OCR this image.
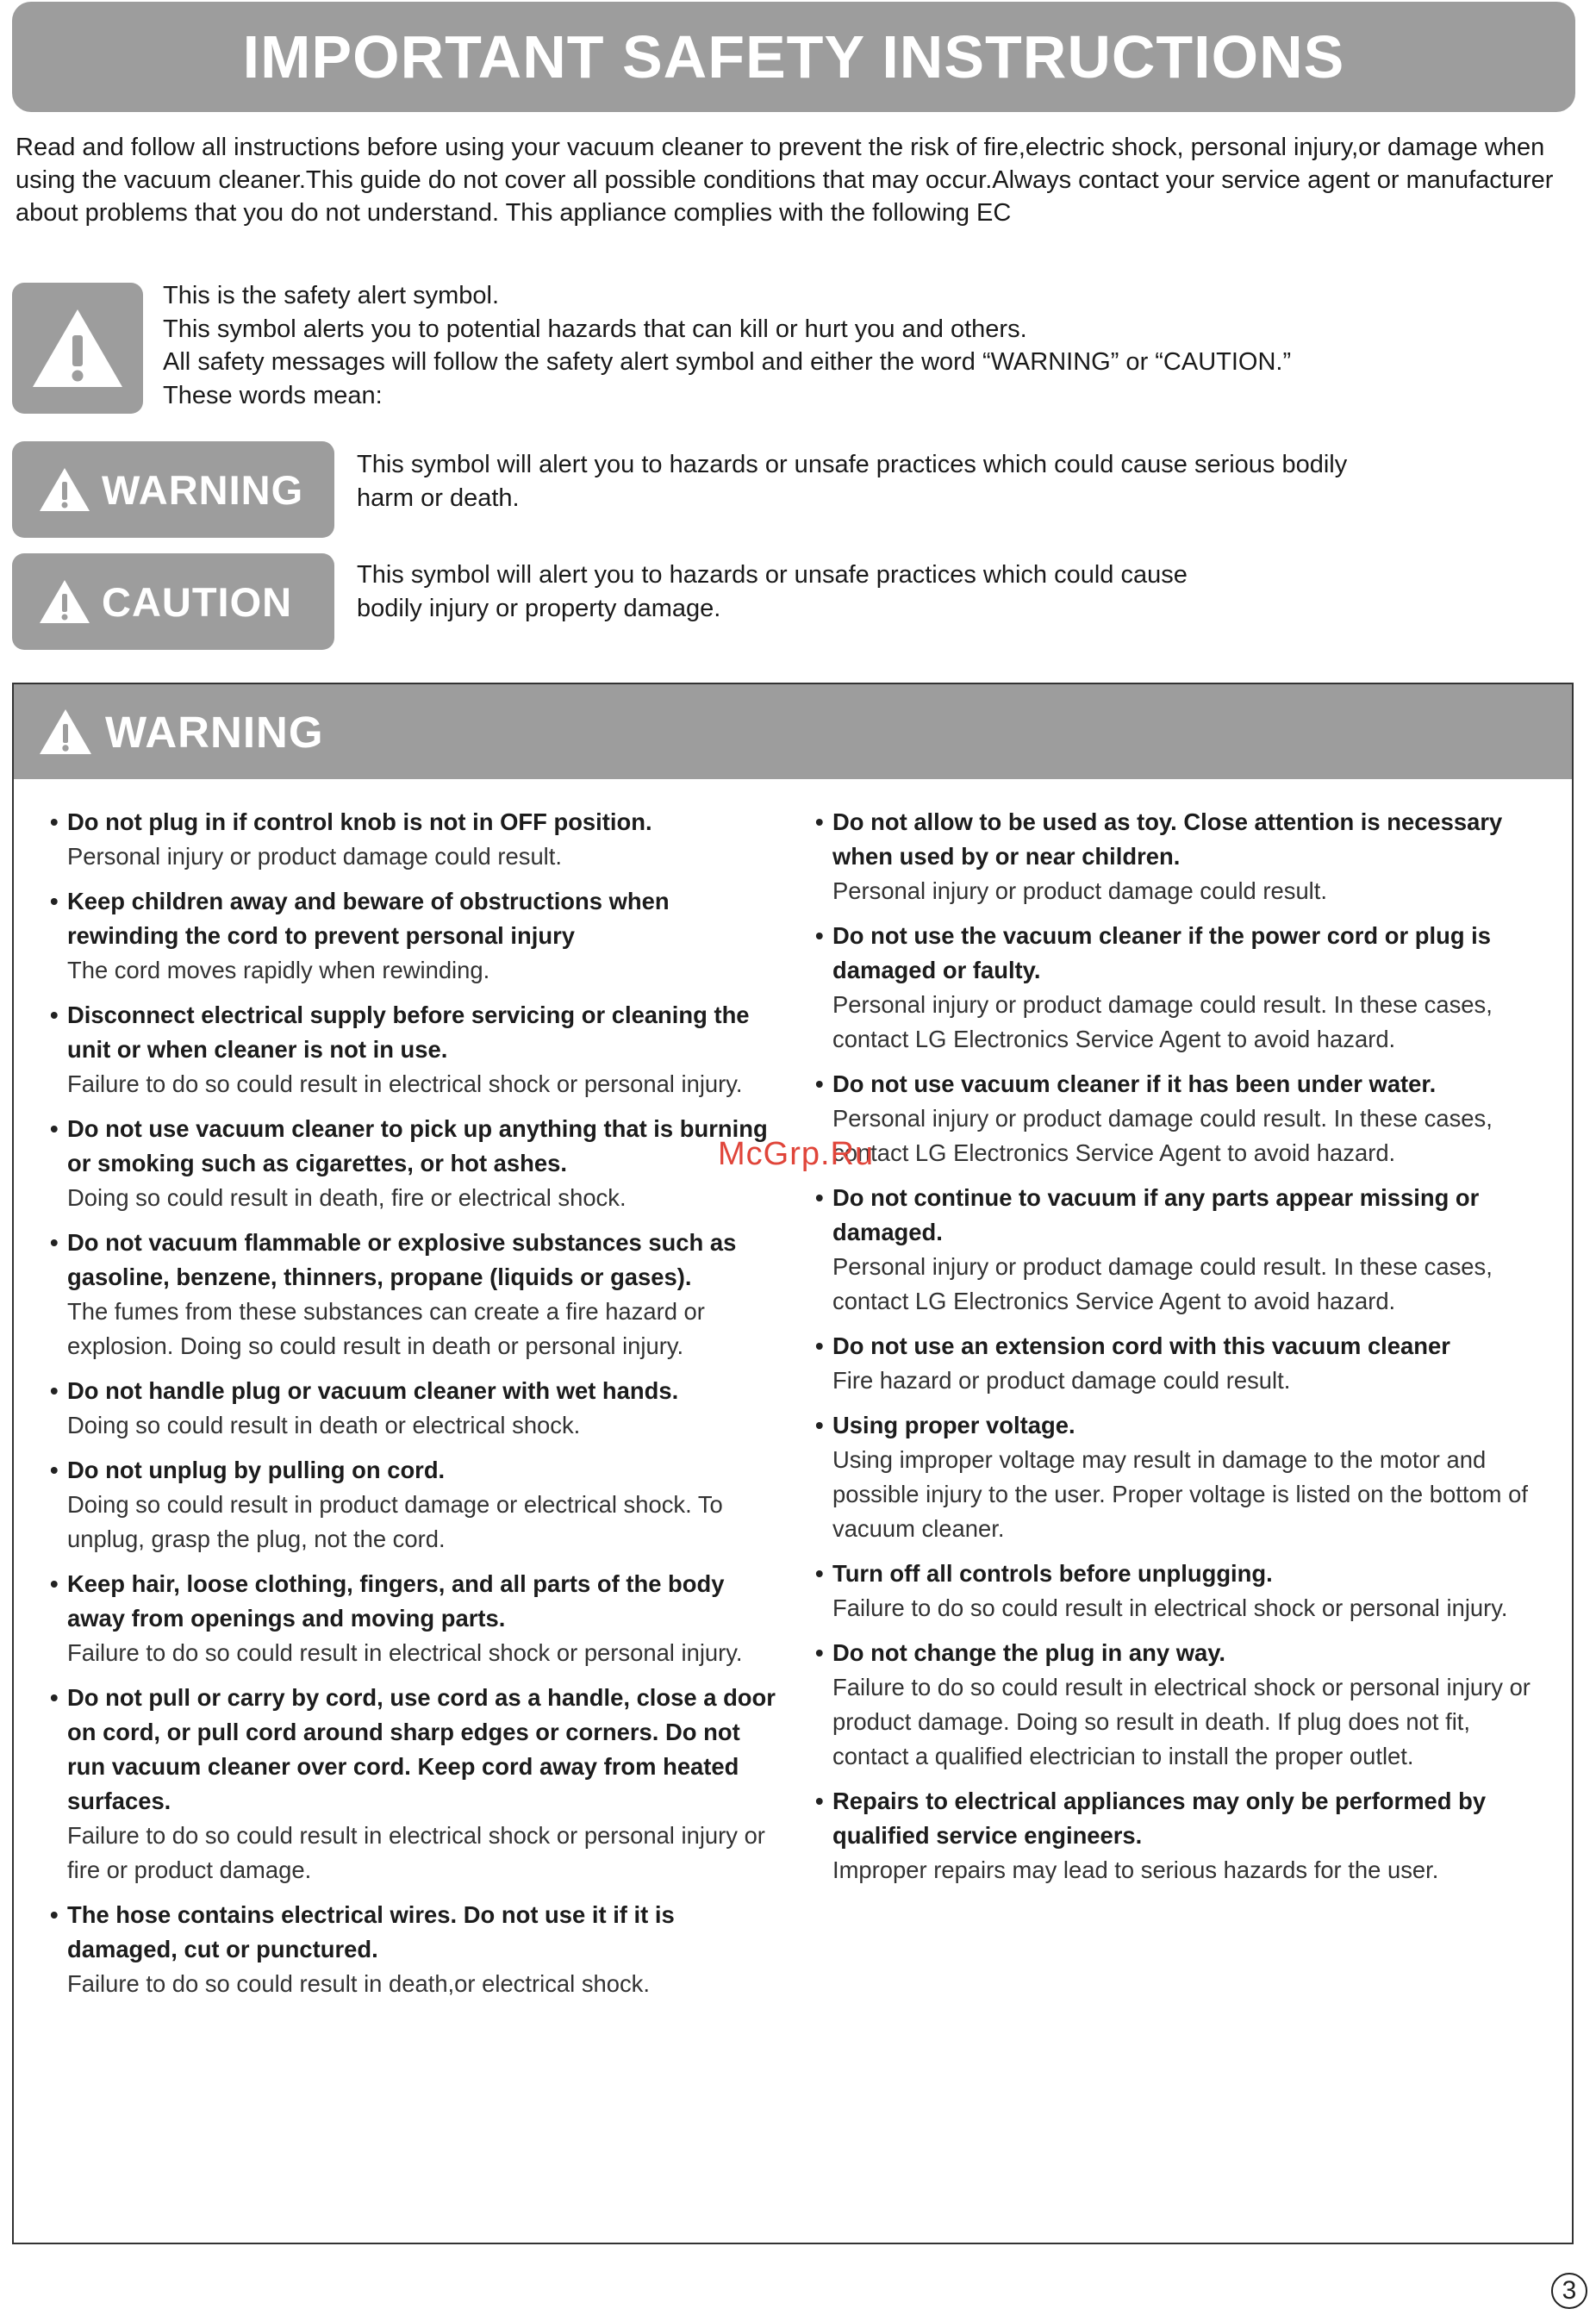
IMPORTANT SAFETY INSTRUCTIONS

Read and follow all instructions before using your vacuum cleaner to prevent the risk of fire,electric shock, personal injury,or damage when using the vacuum cleaner.This guide do not cover all possible conditions that may occur.Always contact your service agent or manufacturer about problems that you do not understand. This appliance complies with the following EC

This is the safety alert symbol.
This symbol alerts you to potential hazards that can kill or hurt you and others.
All safety messages will follow the safety alert symbol and either the word “WARNING” or “CAUTION.”
These words mean:
WARNING
This symbol will alert you to hazards or unsafe practices which could cause serious bodily harm or death.
CAUTION
This symbol will alert you to hazards or unsafe practices which could cause bodily injury or property damage.
WARNING
• Do not plug in if control knob is not in OFF position.
Personal injury or product damage could result.
• Keep children away and beware of obstructions when rewinding the cord to prevent personal injury
The cord moves rapidly when rewinding.
• Disconnect electrical supply before servicing or cleaning the unit or when cleaner is not in use.
Failure to do so could result in electrical shock or personal injury.
• Do not use vacuum cleaner to pick up anything that is burning or smoking such as cigarettes, or hot ashes.
Doing so could result in death, fire or electrical shock.
• Do not vacuum flammable or explosive substances such as gasoline, benzene, thinners, propane (liquids or gases).
The fumes from these substances can create a fire hazard or explosion. Doing so could result in death or personal injury.
• Do not handle plug or vacuum cleaner with wet hands.
Doing so could result in death or electrical shock.
• Do not unplug by pulling on cord.
Doing so could result in product damage or electrical shock. To unplug, grasp the plug, not the cord.
• Keep hair, loose clothing, fingers, and all parts of the body away from openings and moving parts.
Failure to do so could result in electrical shock or personal injury.
• Do not pull or carry by cord, use cord as a handle, close a door on cord, or pull cord around sharp edges or corners. Do not run vacuum cleaner over cord. Keep cord away from heated surfaces.
Failure to do so could result in electrical shock or personal injury or fire or product damage.
• The hose contains electrical wires. Do not use it if it is damaged, cut or punctured.
Failure to do so could result in death,or electrical shock.
• Do not allow to be used as toy. Close attention is necessary when used by or near children.
Personal injury or product damage could result.
• Do not use the vacuum cleaner if the power cord or plug is damaged or faulty.
Personal injury or product damage could result. In these cases, contact LG Electronics Service Agent to avoid hazard.
• Do not use vacuum cleaner if it has been under water.
Personal injury or product damage could result. In these cases, contact LG Electronics Service Agent to avoid hazard.
• Do not continue to vacuum if any parts appear missing or damaged.
Personal injury or product damage could result. In these cases, contact LG Electronics Service Agent to avoid hazard.
• Do not use an extension cord with this vacuum cleaner
Fire hazard or product damage could result.
• Using proper voltage.
Using improper voltage may result in damage to the motor and possible injury to the user. Proper voltage is listed on the bottom of vacuum cleaner.
• Turn off all controls before unplugging.
Failure to do so could result in electrical shock or personal injury.
• Do not change the plug in any way.
Failure to do so could result in electrical shock or personal injury or product damage. Doing so result in death. If plug does not fit, contact a qualified electrician to install the proper outlet.
• Repairs to electrical appliances may only be performed by qualified service engineers.
Improper repairs may lead to serious hazards for the user.
McGrp.Ru
3
